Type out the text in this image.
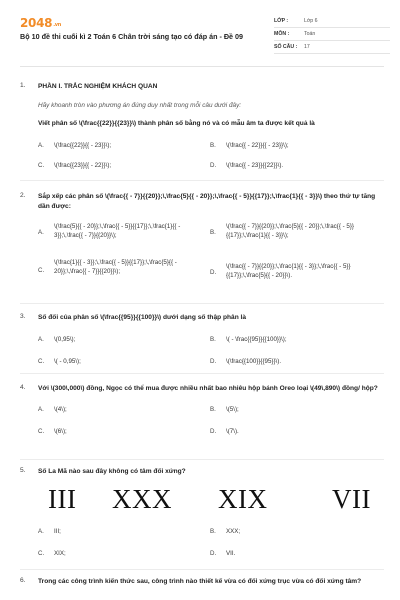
2048.vn
Bộ 10 đề thi cuối kì 2 Toán 6 Chân trời sáng tạo có đáp án - Đề 09
LỚP :	Lớp 6
MÔN :	Toán
SỐ CÂU :	17
1. PHẦN I. TRẮC NGHIỆM KHÁCH QUAN
Hãy khoanh tròn vào phương án đúng duy nhất trong mỗi câu dưới đây:
Viết phân số \(\frac{{22}}{{23}}\) thành phân số bằng nó và có mẫu âm ta được kết quả là
A.	\(\frac{{22}}{{ - 23}}\);	B.	\(\frac{{ - 22}}{{ - 23}}\);
C.	\(\frac{{23}}{{ - 22}}\);	D.	\(\frac{{ - 23}}{{22}}\).
2. Sắp xếp các phân số \(\frac{{ - 7}}{{20}};\,\frac{5}{{ - 20}};\,\frac{{ - 5}}{{17}};\,\frac{1}{{ - 3}}\) theo thứ tự tăng dần được:
A.
\(\frac{5}{{ - 20}};\,\frac{{ - 5}}{{17}};\,\frac{1}{{ - 3}};\,\frac{{ - 7}}{{20}}\);	B.
\(\frac{{ - 7}}{{20}};\,\frac{5}{{ - 20}};\,\frac{{ - 5}}{{17}};\,\frac{1}{{ - 3}}\);
C.
\(\frac{1}{{ - 3}};\,\frac{{ - 5}}{{17}};\,\frac{5}{{ - 20}};\,\frac{{ - 7}}{{20}}\);	D.
\(\frac{{ - 7}}{{20}};\,\frac{1}{{ - 3}};\,\frac{{ - 5}}{{17}};\,\frac{5}{{ - 20}}\).
3. Số đối của phân số \(\frac{{95}}{{100}}\) dưới dạng số thập phân là
A.	\(0,95\);	B.	\( - \frac{{95}}{{100}}\);
C.	\( - 0,95\);	D.	\(\frac{{100}}{{95}}\).
4. Với \(300\,000\) đồng, Ngọc có thể mua được nhiều nhất bao nhiêu hộp bánh Oreo loại \(49\,890\) đồng/ hộp?
A.	\(4\);	B.	\(5\);
C.	\(6\);	D.	\(7\).
5. Số La Mã nào sau đây không có tâm đối xứng?
III XXX XIX VII
A.	III;	B.	XXX;
C.	XIX;	D.	VII.
6. Trong các công trình kiến thức sau, công trình nào thiết kế vừa có đối xứng trục vừa có đối xứng tâm?
